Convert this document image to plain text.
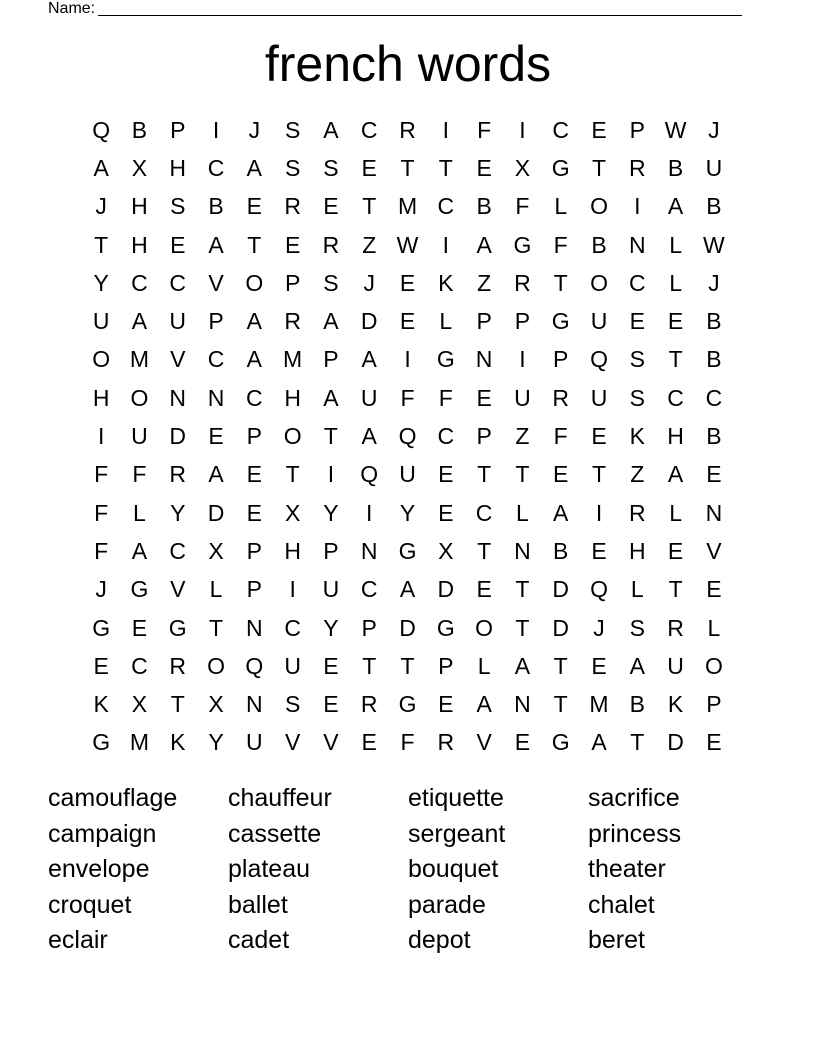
Name:
french words
Q B P	I	J	S A C R	I	F	I	C E P W J
A X H C A S S E	T	T	E X G T R B U
J	H S B E R E	T M C B	F	L O	I	A B
T H E A	T	E R Z W	I	A G F	B N	L W
Y C C V O P S	J	E K	Z R T O C	L	J
U A U P A R A D E	L	P P G U E E B
O M V C A M P A	I	G N	I	P Q S	T	B
H O N N C H A U F	F	E U R U S C C
I	U D E P O T	A Q C P	Z	F	E K H B
F	F R A E	T	I	Q U E	T	T	E	T	Z	A E
F	L	Y D E X Y	I	Y E C	L	A	I	R	L	N
F	A C X P H P N G X	T N B E H E V
J	G V	L	P	I	U C A D E	T D Q L	T	E
G E G T N C Y P D G O T D	J	S R	L
E C R O Q U E	T	T	P	L	A	T	E A U O
K X	T	X N S E R G E A N T M B K P
G M K Y U V V E	F R V E G A	T D E
camouflage	chauffeur	etiquette	sacrifice
campaign	cassette	sergeant	princess
envelope	plateau	bouquet	theater
croquet	ballet	parade	chalet
eclair	cadet	depot	beret
